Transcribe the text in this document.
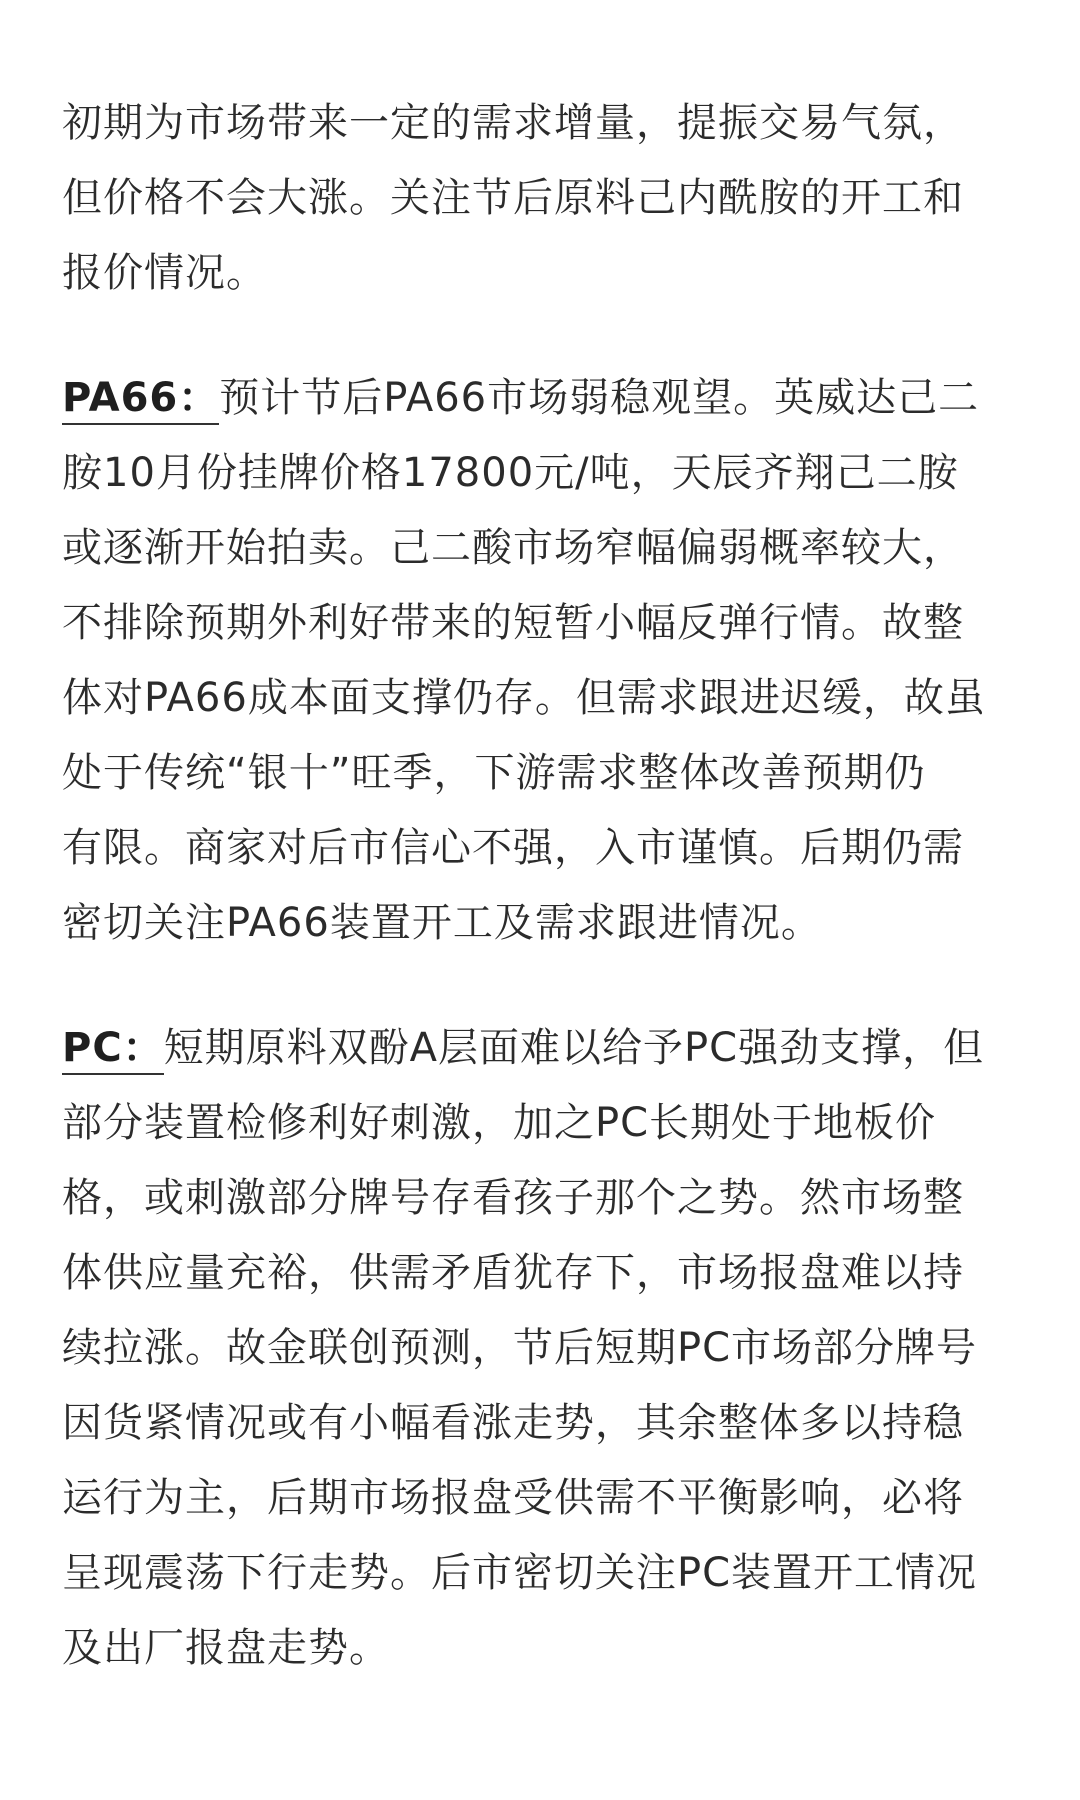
初期为市场带来一定的需求增量，提振交易气氛，
但价格不会大涨。关注节后原料己内酰胺的开工和
报价情况。

PA66：预计节后PA66市场弱稳观望。英威达己二
胺10月份挂牌价格17800元/吨，天辰齐翔己二胺
或逐渐开始拍卖。己二酸市场窄幅偏弱概率较大，
不排除预期外利好带来的短暂小幅反弹行情。故整
体对PA66成本面支撑仍存。但需求跟进迟缓，故虽
处于传统“银十”旺季，下游需求整体改善预期仍
有限。商家对后市信心不强，入市谨慎。后期仍需
密切关注PA66装置开工及需求跟进情况。

PC：短期原料双酚A层面难以给予PC强劲支撑，但
部分装置检修利好刺激，加之PC长期处于地板价
格，或刺激部分牌号存看孩子那个之势。然市场整
体供应量充裕，供需矛盾犹存下，市场报盘难以持
续拉涨。故金联创预测，节后短期PC市场部分牌号
因货紧情况或有小幅看涨走势，其余整体多以持稳
运行为主，后期市场报盘受供需不平衡影响，必将
呈现震荡下行走势。后市密切关注PC装置开工情况
及出厂报盘走势。
